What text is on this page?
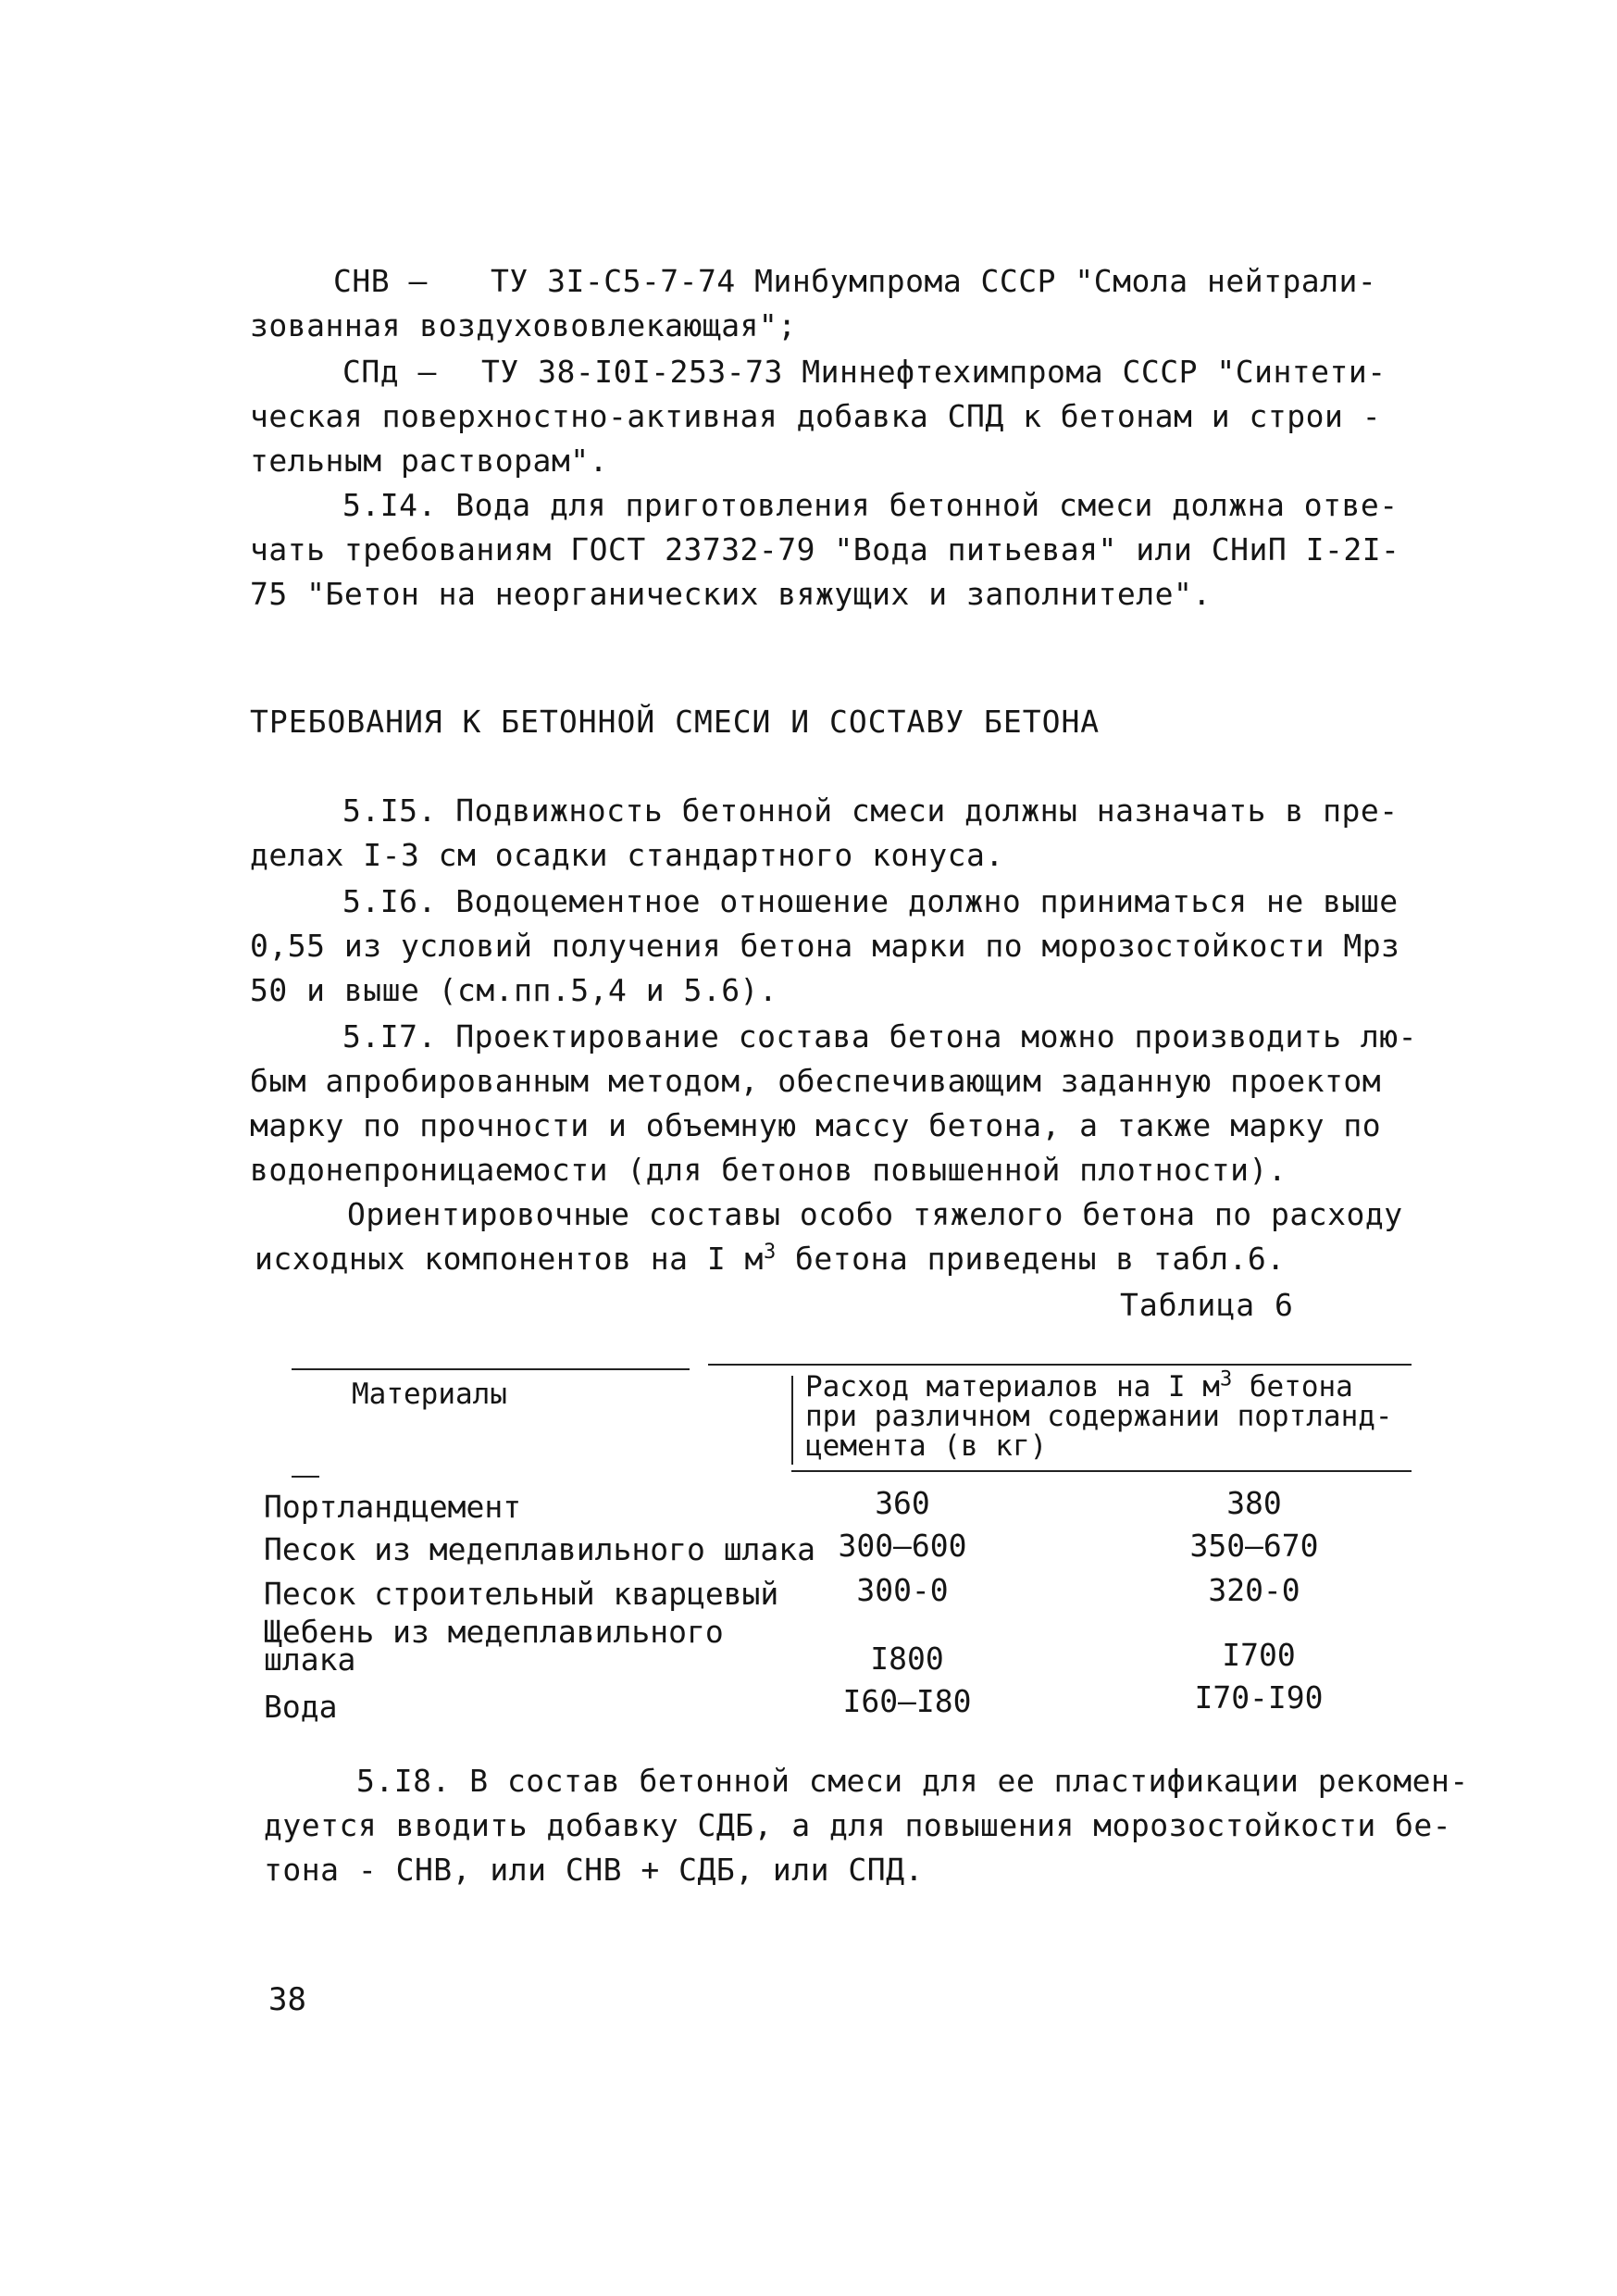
СНВ – ТУ 3I-С5-7-74 Минбумпрома СССР "Смола нейтрали-
зованная воздухововлекающая";
СПд – ТУ 38-I0I-253-73 Миннефтехимпрома СССР "Синтети-
ческая поверхностно-активная добавка СПД к бетонам и строи -
тельным растворам".
5.I4. Вода для приготовления бетонной смеси должна отве-
чать требованиям ГОСТ 23732-79 "Вода питьевая" или СНиП I-2I-
75 "Бетон на неорганических вяжущих и заполнителе".
ТРЕБОВАНИЯ К БЕТОННОЙ СМЕСИ И СОСТАВУ БЕТОНА
5.I5. Подвижность бетонной смеси должны назначать в пре-
делах I-3 см осадки стандартного конуса.
5.I6. Водоцементное отношение должно приниматься не выше
0,55 из условий получения бетона марки по морозостойкости Мрз
50 и выше (см.пп.5,4 и 5.6).
5.I7. Проектирование состава бетона можно производить лю-
бым апробированным методом, обеспечивающим заданную проектом
марку по прочности и объемную массу бетона, а также марку по
водонепроницаемости (для бетонов повышенной плотности).
Ориентировочные составы особо тяжелого бетона по расходу
исходных компонентов на I $м^3$ бетона приведены в табл.6.
Таблица 6
Материалы	Расход материалов на I $м^3$ бетона
при различном содержании портланд-
цемента (в кг)
Портландцемент	360	380
Песок из медеплавильного шлака 300–600	350–670
Песок строительный кварцевый	300-0	320-0
Щебень из медеплавильного
шлака	I800	I700
Вода	I60–I80	I70-I90
5.I8. В состав бетонной смеси для ее пластификации рекомен-
дуется вводить добавку СДБ, а для повышения морозостойкости бе-
тона - СНВ, или СНВ + СДБ, или СПД.
38
